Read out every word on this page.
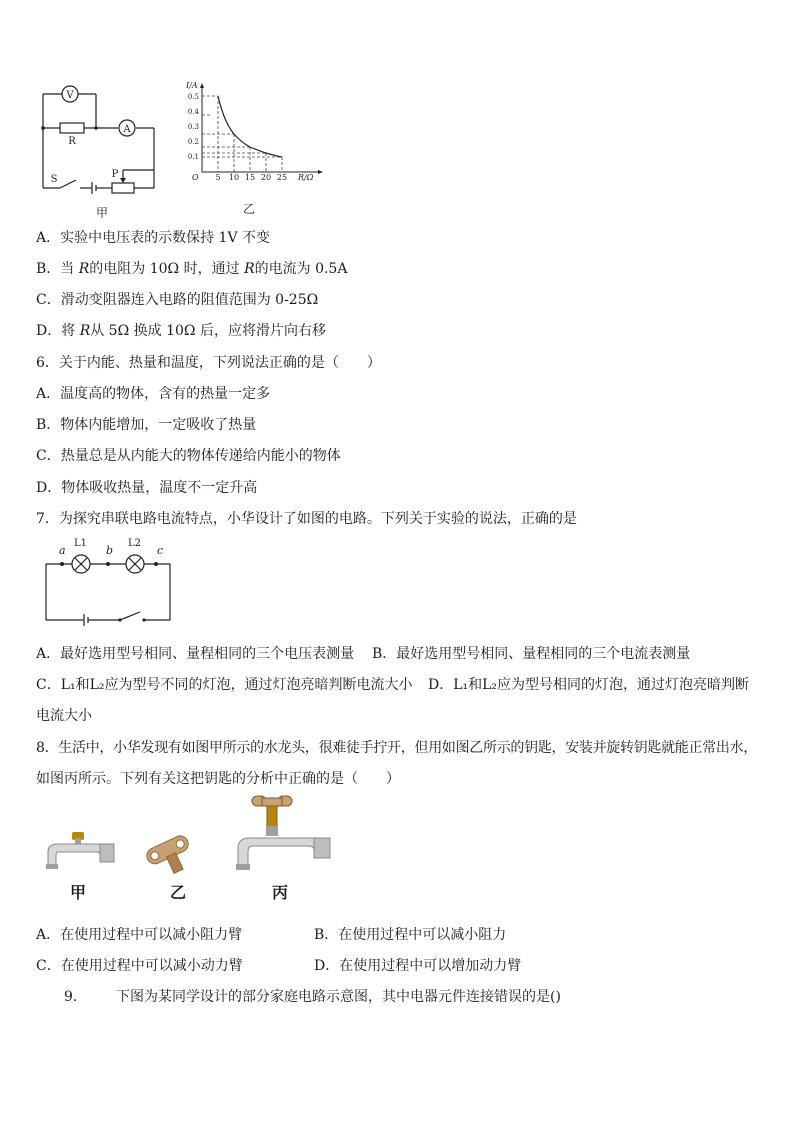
V
A
R
S	P
甲
I/A
R/Ω
O 5 10 15 20 25
0.5
0.4
0.3
0.2
0.1
乙
A．实验中电压表的示数保持 1V 不变
B．当 R的电阻为 10Ω 时，通过 R的电流为 0.5A
C．滑动变阻器连入电路的阻值范围为 0-25Ω
D．将 R从 5Ω 换成 10Ω 后，应将滑片向右移
6．关于内能、热量和温度，下列说法正确的是（　　）
A．温度高的物体，含有的热量一定多
B．物体内能增加，一定吸收了热量
C．热量总是从内能大的物体传递给内能小的物体
D．物体吸收热量，温度不一定升高
7．为探究串联电路电流特点，小华设计了如图的电路。下列关于实验的说法，正确的是
a	b	c
L1	L2
A．最好选用型号相同、量程相同的三个电压表测量 B．最好选用型号相同、量程相同的三个电流表测量
C．L₁和L₂应为型号不同的灯泡，通过灯泡亮暗判断电流大小 D．L₁和L₂应为型号相同的灯泡，通过灯泡亮暗判断
电流大小
8．生活中，小华发现有如图甲所示的水龙头，很难徒手拧开，但用如图乙所示的钥匙，安装并旋转钥匙就能正常出水，
如图丙所示。下列有关这把钥匙的分析中正确的是（　　）
甲	乙	丙
A．在使用过程中可以减小阻力臂	B．在使用过程中可以减小阻力
C．在使用过程中可以减小动力臂	D．在使用过程中可以增加动力臂
9． 下图为某同学设计的部分家庭电路示意图，其中电器元件连接错误的是()
